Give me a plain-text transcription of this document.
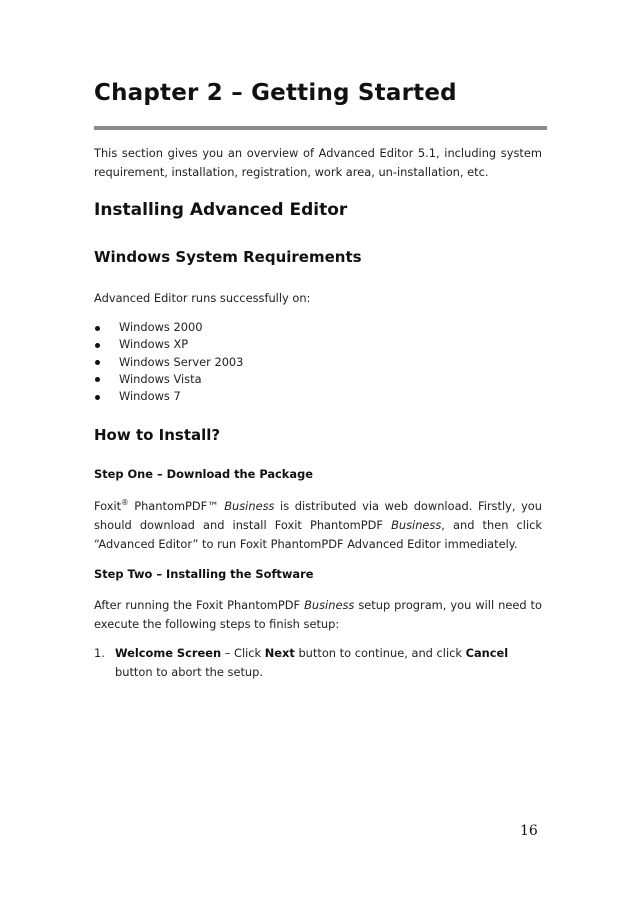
Chapter 2 – Getting Started

This section gives you an overview of Advanced Editor 5.1, including system requirement, installation, registration, work area, un-installation, etc.

Installing Advanced Editor
Windows System Requirements

Advanced Editor runs successfully on:

Windows 2000
Windows XP
Windows Server 2003
Windows Vista
Windows 7
How to Install?
Step One – Download the Package

Foxit® PhantomPDF™ Business is distributed via web download. Firstly, you should download and install Foxit PhantomPDF Business, and then click “Advanced Editor” to run Foxit PhantomPDF Advanced Editor immediately.

Step Two – Installing the Software

After running the Foxit PhantomPDF Business setup program, you will need to execute the following steps to finish setup:

1. Welcome Screen – Click Next button to continue, and click Cancel button to abort the setup.

16
